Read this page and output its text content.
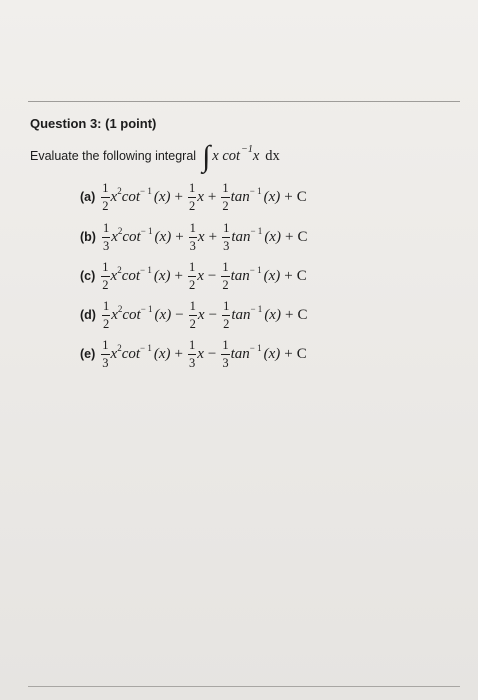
Question 3: (1 point)
Evaluate the following integral ∫ x cot −1 x dx
$(a) \frac{1}{2}$ x 2 cot − 1 $(x) + \frac{1}{2}$ $x + \frac{1}{2}$ tan − 1 (x) + C
$(b) \frac{1}{3}$ x 2 cot − 1 $(x) + \frac{1}{3}$ $x + \frac{1}{3}$ tan − 1 (x) + C
$(c) \frac{1}{2}$ x 2 cot − 1 $(x) + \frac{1}{2}$ $x - \frac{1}{2}$ tan − 1 (x) + C
$(d) \frac{1}{2}$ x 2 cot − 1 $(x) - \frac{1}{2}$ $x - \frac{1}{2}$ tan − 1 (x) + C
$(e) \frac{1}{3}$ x 2 cot − 1 $(x) + \frac{1}{3}$ $x - \frac{1}{3}$ tan − 1 (x) + C
